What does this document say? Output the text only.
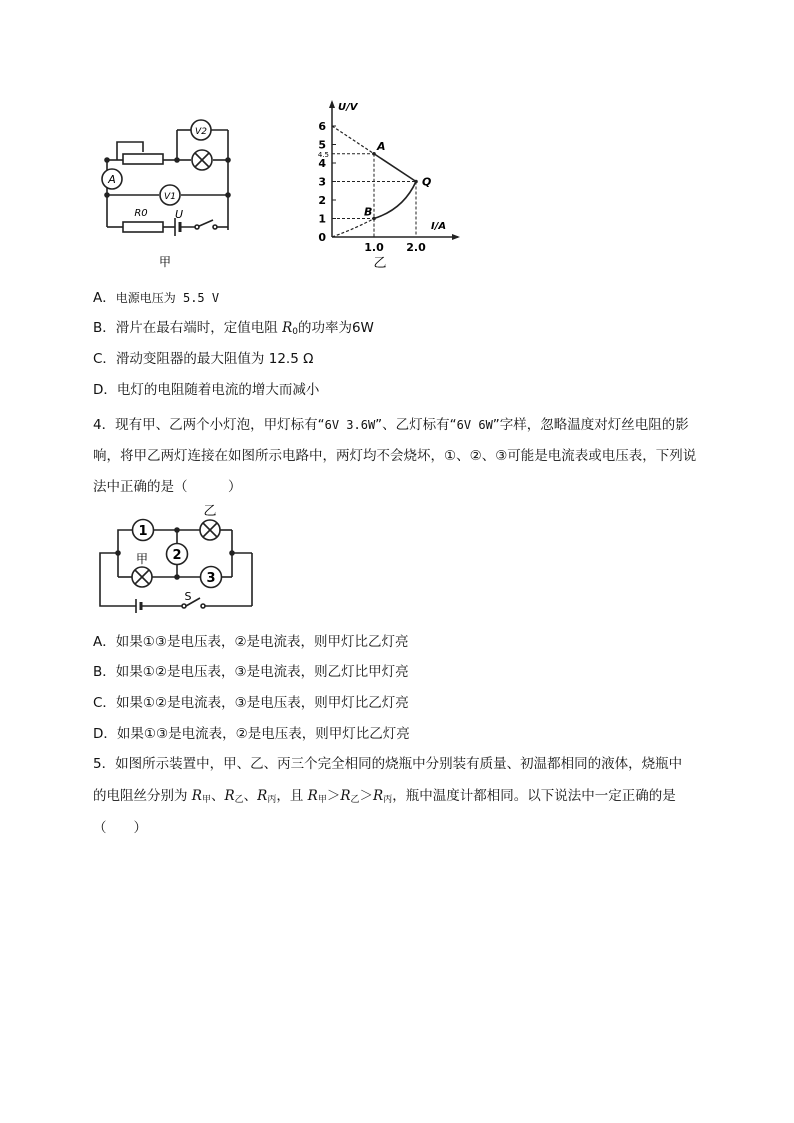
A
V2
V1
R0 U
甲
0
1
2
3
4
5
6
4.5
1.0 2.0
A
B
Q
U/V
I/A
乙
A．电源电压为 5.5 V
B．滑片在最右端时，定值电阻 $R_0$的功率为6W
C．滑动变阻器的最大阻值为 12.5 Ω
D．电灯的电阻随着电流的增大而减小
4．现有甲、乙两个小灯泡，甲灯标有“6V 3.6W”、乙灯标有“6V 6W”字样，忽略温度对灯丝电阻的影响，将甲乙两灯连接在如图所示电路中，两灯均不会烧坏，①、②、③可能是电流表或电压表，下列说法中正确的是（　　　）
1
2
3
乙
甲
S
A．如果①③是电压表，②是电流表，则甲灯比乙灯亮
B．如果①②是电压表，③是电流表，则乙灯比甲灯亮
C．如果①②是电流表，③是电压表，则甲灯比乙灯亮
D．如果①③是电流表，②是电压表，则甲灯比乙灯亮
5．如图所示装置中，甲、乙、丙三个完全相同的烧瓶中分别装有质量、初温都相同的液体，烧瓶中
的电阻丝分别为 $R_甲$、$R_乙$、$R_丙$，且 $R_甲>R_乙>R_丙$，瓶中温度计都相同。以下说法中一定正确的是
（　　）
